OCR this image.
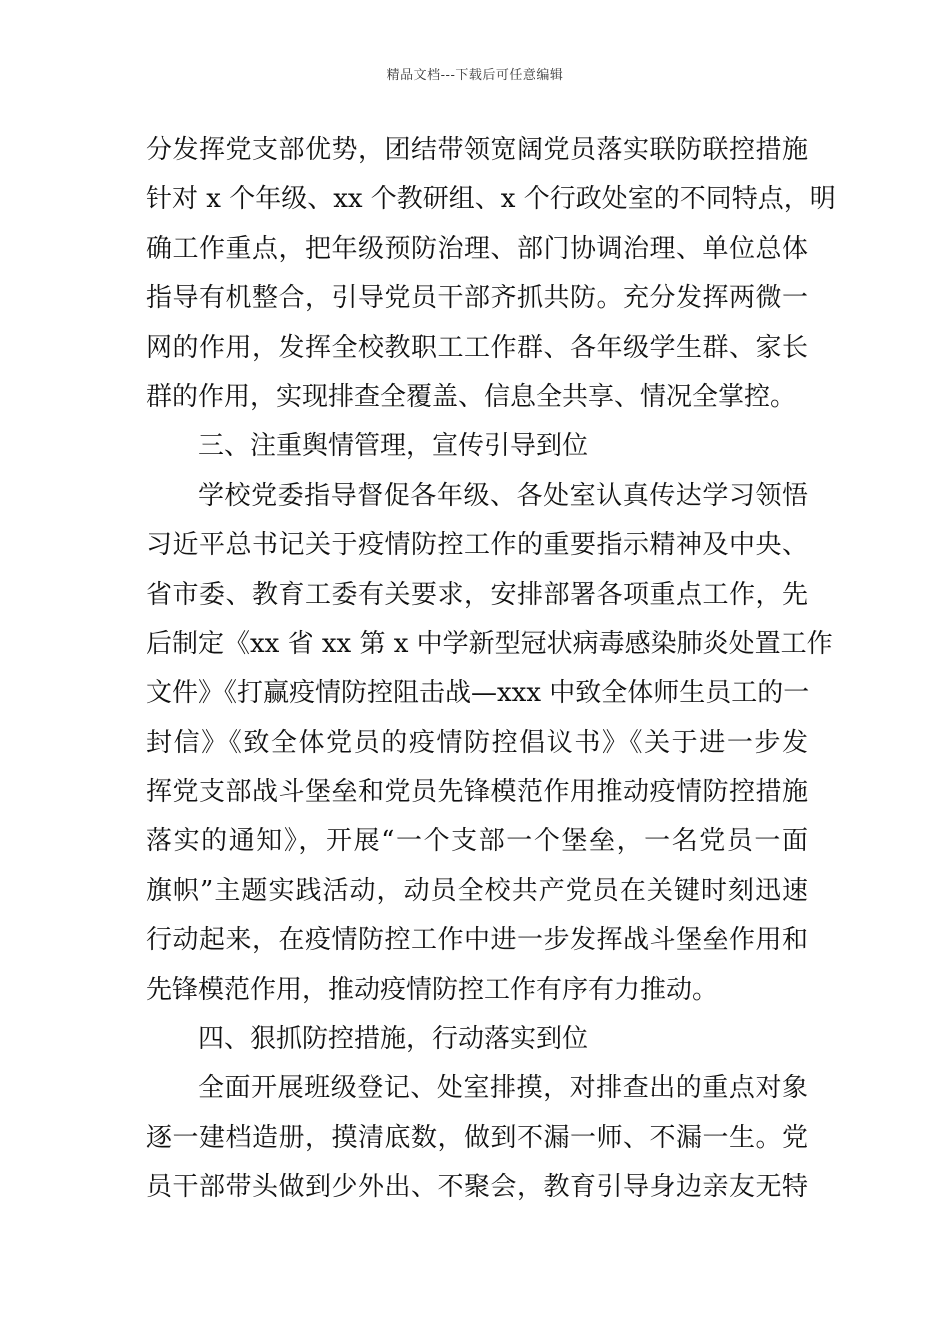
精品文档---下载后可任意编辑
分发挥党支部优势，团结带领宽阔党员落实联防联控措施
针对 x 个年级、xx 个教研组、x 个行政处室的不同特点，明
确工作重点，把年级预防治理、部门协调治理、单位总体
指导有机整合，引导党员干部齐抓共防。充分发挥两微一
网的作用，发挥全校教职工工作群、各年级学生群、家长
群的作用，实现排查全覆盖、信息全共享、情况全掌控。
三、注重舆情管理，宣传引导到位
学校党委指导督促各年级、各处室认真传达学习领悟
习近平总书记关于疫情防控工作的重要指示精神及中央、
省市委、教育工委有关要求，安排部署各项重点工作，先
后制定《xx 省 xx 第 x 中学新型冠状病毒感染肺炎处置工作
文件》《打赢疫情防控阻击战—xxx 中致全体师生员工的一
封信》《致全体党员的疫情防控倡议书》《关于进一步发
挥党支部战斗堡垒和党员先锋模范作用推动疫情防控措施
落实的通知》，开展“一个支部一个堡垒，一名党员一面
旗帜”主题实践活动，动员全校共产党员在关键时刻迅速
行动起来，在疫情防控工作中进一步发挥战斗堡垒作用和
先锋模范作用，推动疫情防控工作有序有力推动。
四、狠抓防控措施，行动落实到位
全面开展班级登记、处室排摸，对排查出的重点对象
逐一建档造册，摸清底数，做到不漏一师、不漏一生。党
员干部带头做到少外出、不聚会，教育引导身边亲友无特
